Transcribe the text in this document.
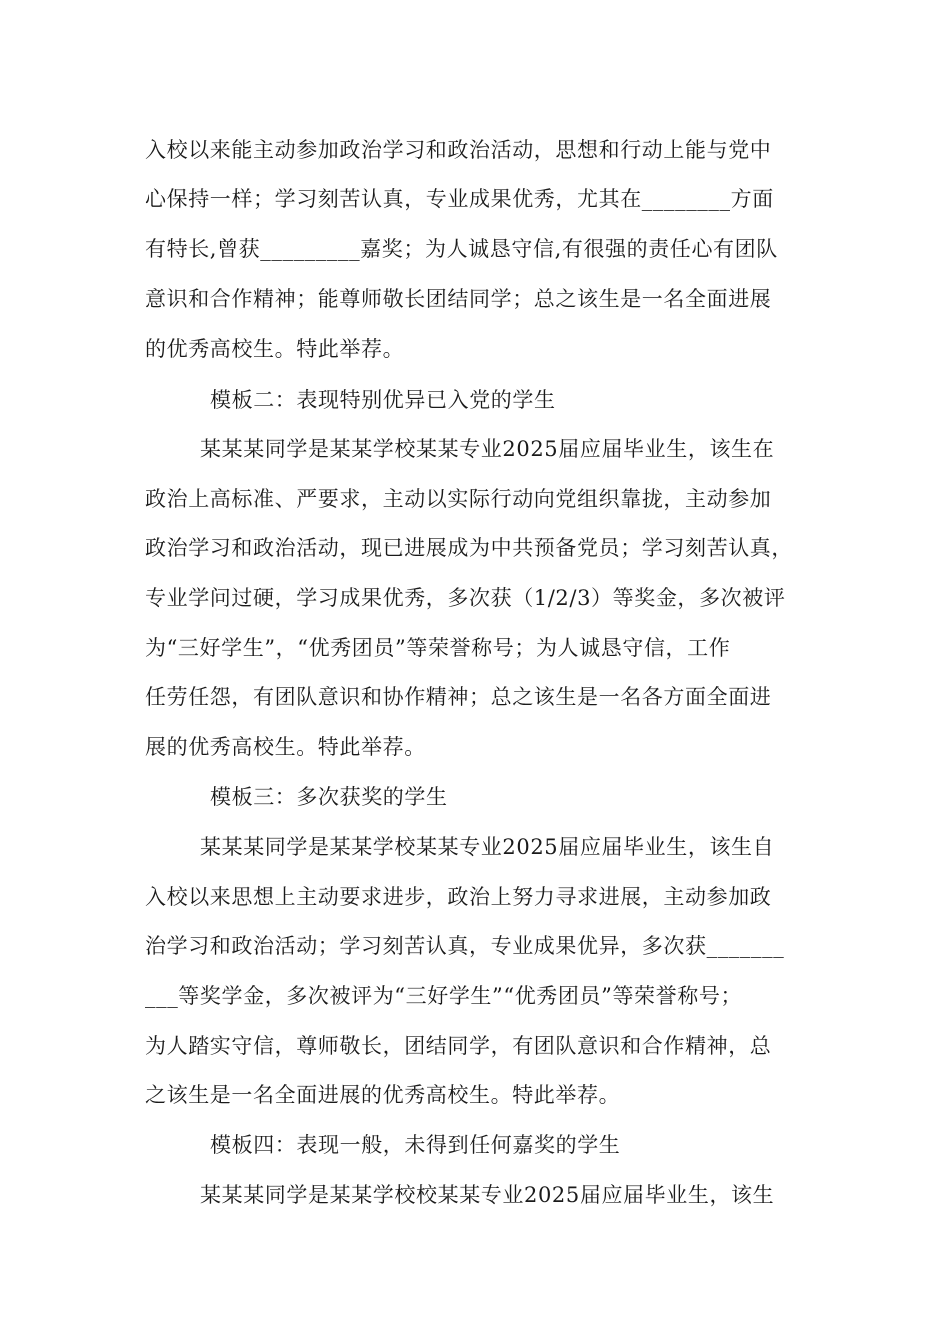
入校以来能主动参加政治学习和政治活动，思想和行动上能与党中

心保持一样；学习刻苦认真，专业成果优秀，尤其在________方面

有特长,曾获_________嘉奖；为人诚恳守信,有很强的责任心有团队

意识和合作精神；能尊师敬长团结同学；总之该生是一名全面进展

的优秀高校生。特此举荐。

模板二：表现特别优异已入党的学生

某某某同学是某某学校某某专业2025届应届毕业生，该生在

政治上高标准、严要求，主动以实际行动向党组织靠拢，主动参加

政治学习和政治活动，现已进展成为中共预备党员；学习刻苦认真，

专业学问过硬，学习成果优秀，多次获（1/2/3）等奖金，多次被评

为“三好学生”，“优秀团员”等荣誉称号；为人诚恳守信，工作

任劳任怨，有团队意识和协作精神；总之该生是一名各方面全面进

展的优秀高校生。特此举荐。

模板三：多次获奖的学生

某某某同学是某某学校某某专业2025届应届毕业生，该生自

入校以来思想上主动要求进步，政治上努力寻求进展，主动参加政

治学习和政治活动；学习刻苦认真，专业成果优异，多次获_______

___等奖学金，多次被评为“三好学生”“优秀团员”等荣誉称号；

为人踏实守信，尊师敬长，团结同学，有团队意识和合作精神，总

之该生是一名全面进展的优秀高校生。特此举荐。

模板四：表现一般，未得到任何嘉奖的学生

某某某同学是某某学校校某某专业2025届应届毕业生，该生
